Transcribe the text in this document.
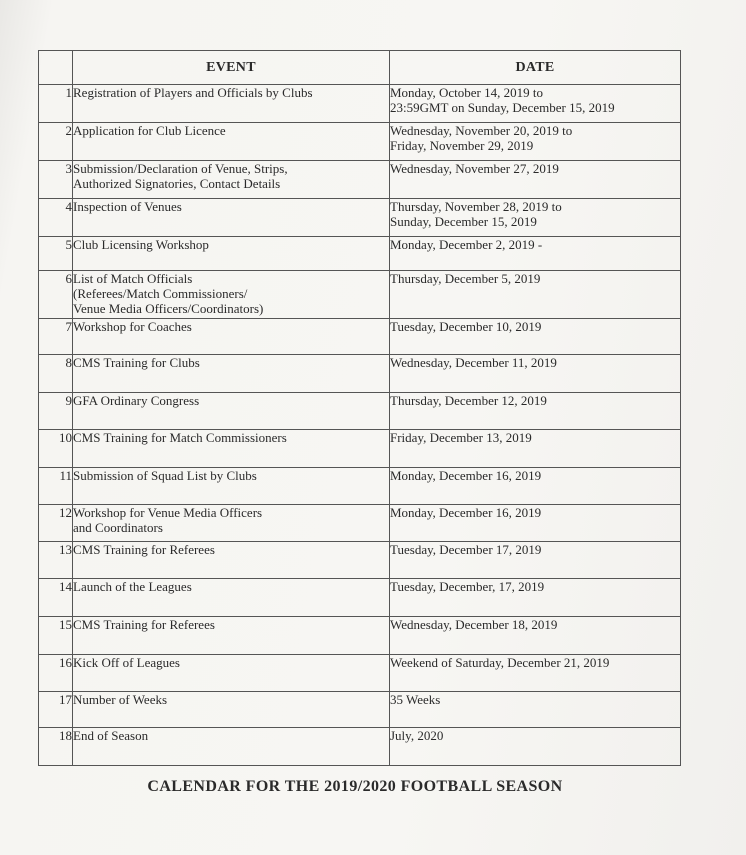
	EVENT	DATE
1	Registration of Players and Officials by Clubs	Monday, October 14, 2019 to
23:59GMT on Sunday, December 15, 2019

2	Application for Club Licence	Wednesday, November 20, 2019 to
Friday, November 29, 2019

3	Submission/Declaration of Venue, Strips,
Authorized Signatories, Contact Details	Wednesday, November 27, 2019

4	Inspection of Venues	Thursday, November 28, 2019 to
Sunday, December 15, 2019

5	Club Licensing Workshop	Monday, December 2, 2019 -

6	List of Match Officials
(Referees/Match Commissioners/
Venue Media Officers/Coordinators)	Thursday, December 5, 2019

7	Workshop for Coaches	Tuesday, December 10, 2019

8	CMS Training for Clubs	Wednesday, December 11, 2019

9	GFA Ordinary Congress	Thursday, December 12, 2019

10	CMS Training for Match Commissioners	Friday, December 13, 2019

11	Submission of Squad List by Clubs	Monday, December 16, 2019

12	Workshop for Venue Media Officers
and Coordinators	Monday, December 16, 2019

13	CMS Training for Referees	Tuesday, December 17, 2019

14	Launch of the Leagues	Tuesday, December, 17, 2019

15	CMS Training for Referees	Wednesday, December 18, 2019

16	Kick Off of Leagues	Weekend of Saturday, December 21, 2019

17	Number of Weeks	35 Weeks

18	End of Season	July, 2020
CALENDAR FOR THE 2019/2020 FOOTBALL SEASON
